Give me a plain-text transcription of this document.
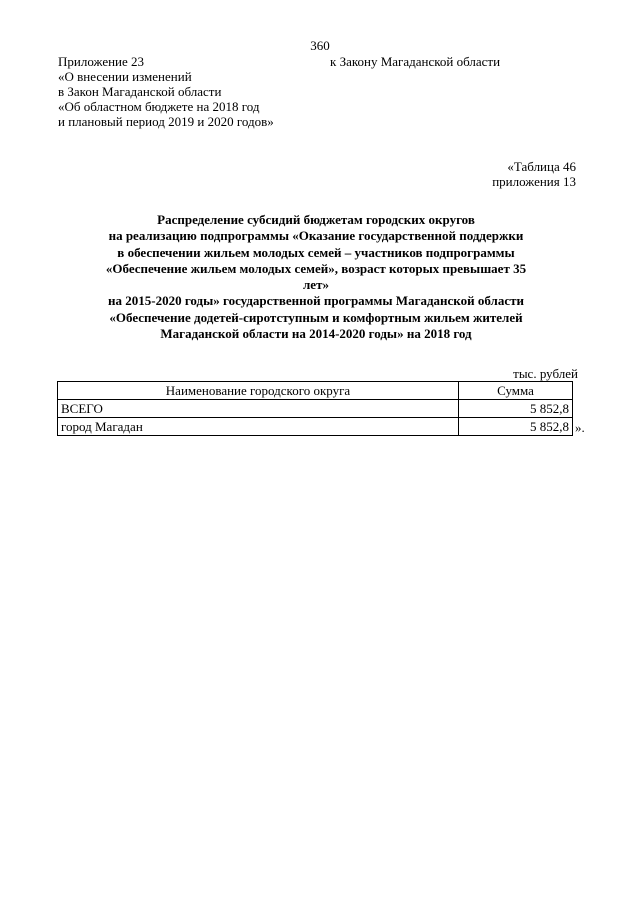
360
Приложение 23
«О внесении изменений
в Закон Магаданской области
«Об областном бюджете на 2018 год
и плановый период 2019 и 2020 годов»
к Закону Магаданской области
«Таблица 46
приложения 13
Распределение субсидий бюджетам городских округов
на реализацию подпрограммы «Оказание государственной поддержки
в обеспечении жильем молодых семей – участников подпрограммы
«Обеспечение жильем молодых семей», возраст которых превышает 35
лет»
на 2015-2020 годы» государственной программы Магаданской области
«Обеспечение додетей-сиротступным и комфортным жильем жителей
Магаданской области на 2014-2020 годы» на 2018 год
тыс. рублей
Наименование городского округа	Сумма
ВСЕГО	5 852,8
город Магадан	5 852,8 ».
